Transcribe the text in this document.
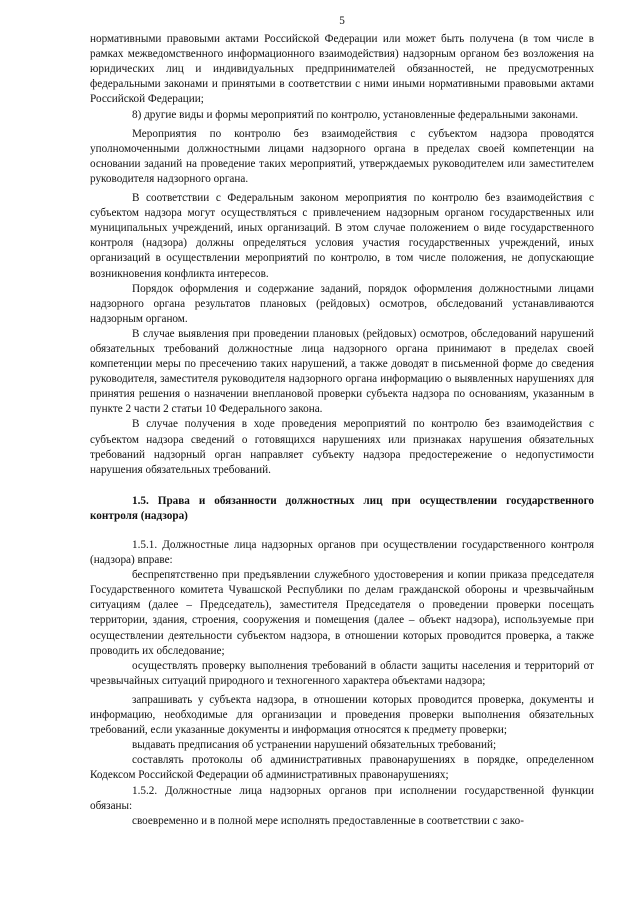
5

нормативными правовыми актами Российской Федерации или может быть получена (в том числе в рамках межведомственного информационного взаимодействия) надзорным органом без возложения на юридических лиц и индивидуальных предпринимателей обязанностей, не предусмотренных федеральными законами и принятыми в соответствии с ними иными нормативными правовыми актами Российской Федерации;

8) другие виды и формы мероприятий по контролю, установленные федеральными законами.

Мероприятия по контролю без взаимодействия с субъектом надзора проводятся уполномоченными должностными лицами надзорного органа в пределах своей компетенции на основании заданий на проведение таких мероприятий, утверждаемых руководителем или заместителем руководителя надзорного органа.

В соответствии с Федеральным законом мероприятия по контролю без взаимодействия с субъектом надзора могут осуществляться с привлечением надзорным органом государственных или муниципальных учреждений, иных организаций. В этом случае положением о виде государственного контроля (надзора) должны определяться условия участия государственных учреждений, иных организаций в осуществлении мероприятий по контролю, в том числе положения, не допускающие возникновения конфликта интересов.

Порядок оформления и содержание заданий, порядок оформления должностными лицами надзорного органа результатов плановых (рейдовых) осмотров, обследований устанавливаются надзорным органом.

В случае выявления при проведении плановых (рейдовых) осмотров, обследований нарушений обязательных требований должностные лица надзорного органа принимают в пределах своей компетенции меры по пресечению таких нарушений, а также доводят в письменной форме до сведения руководителя, заместителя руководителя надзорного органа информацию о выявленных нарушениях для принятия решения о назначении внеплановой проверки субъекта надзора по основаниям, указанным в пункте 2 части 2 статьи 10 Федерального закона.

В случае получения в ходе проведения мероприятий по контролю без взаимодействия с субъектом надзора сведений о готовящихся нарушениях или признаках нарушения обязательных требований надзорный орган направляет субъекту надзора предостережение о недопустимости нарушения обязательных требований.

1.5. Права и обязанности должностных лиц при осуществлении государственного контроля (надзора)

1.5.1. Должностные лица надзорных органов при осуществлении государственного контроля (надзора) вправе:

беспрепятственно при предъявлении служебного удостоверения и копии приказа председателя Государственного комитета Чувашской Республики по делам гражданской обороны и чрезвычайным ситуациям (далее – Председатель), заместителя Председателя о проведении проверки посещать территории, здания, строения, сооружения и помещения (далее – объект надзора), используемые при осуществлении деятельности субъектом надзора, в отношении которых проводится проверка, а также проводить их обследование;

осуществлять проверку выполнения требований в области защиты населения и территорий от чрезвычайных ситуаций природного и техногенного характера объектами надзора;

запрашивать у субъекта надзора, в отношении которых проводится проверка, документы и информацию, необходимые для организации и проведения проверки выполнения обязательных требований, если указанные документы и информация относятся к предмету проверки;

выдавать предписания об устранении нарушений обязательных требований;

составлять протоколы об административных правонарушениях в порядке, определенном Кодексом Российской Федерации об административных правонарушениях;

1.5.2. Должностные лица надзорных органов при исполнении государственной функции обязаны:

своевременно и в полной мере исполнять предоставленные в соответствии с зако-
